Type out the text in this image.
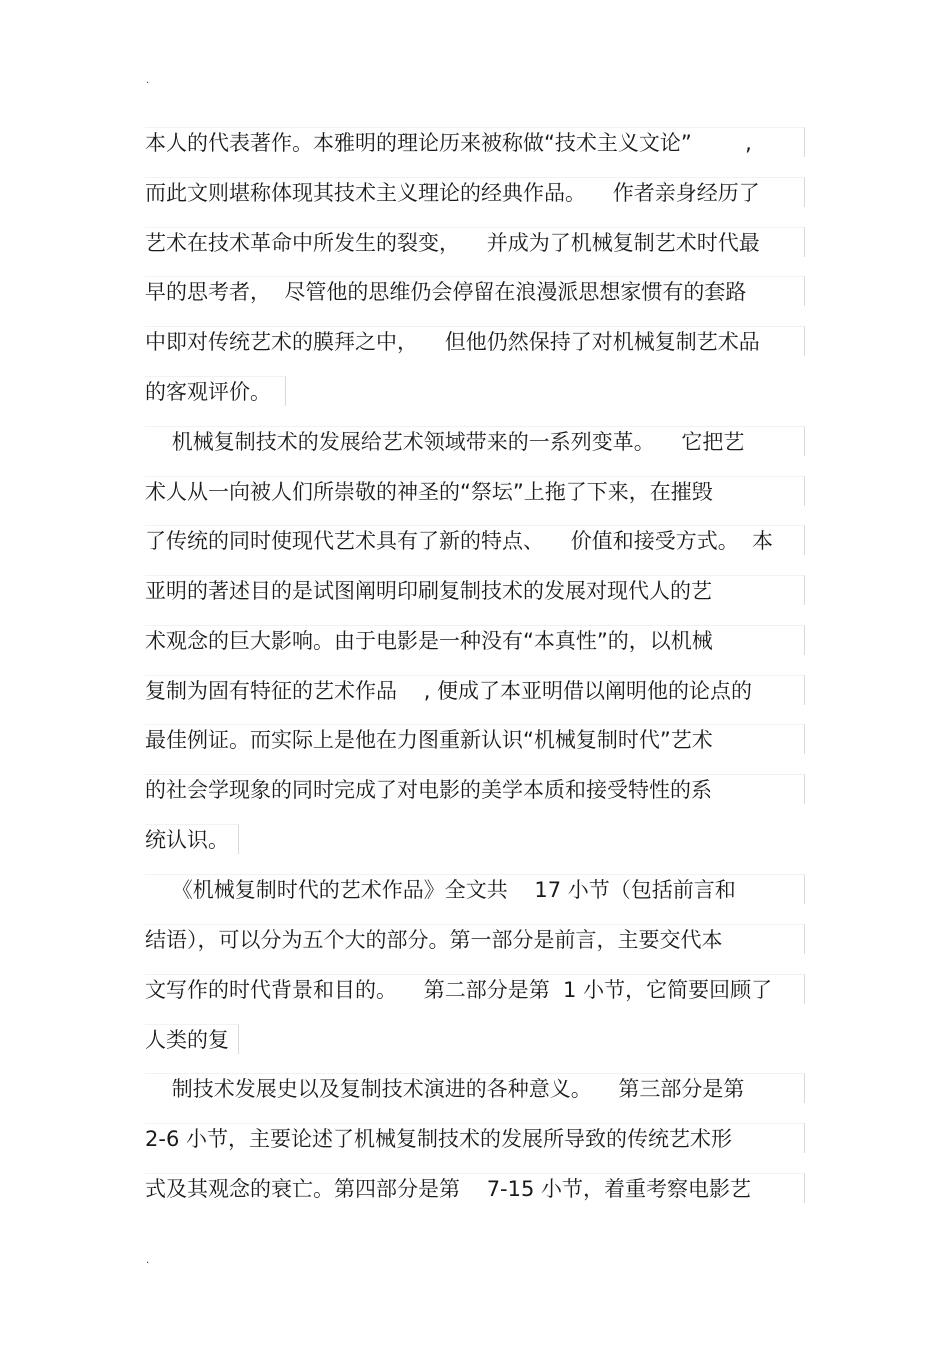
.
本人的代表著作。本雅明的理论历来被称做“技术主义文论”        ,
而此文则堪称体现其技术主义理论的经典作品。    作者亲身经历了
艺术在技术革命中所发生的裂变，    并成为了机械复制艺术时代最
早的思考者，  尽管他的思维仍会停留在浪漫派思想家惯有的套路
中即对传统艺术的膜拜之中，    但他仍然保持了对机械复制艺术品
的客观评价。
机械复制技术的发展给艺术领域带来的一系列变革。    它把艺
术人从一向被人们所崇敬的神圣的“祭坛”上拖了下来，在摧毁
了传统的同时使现代艺术具有了新的特点、    价值和接受方式。  本
亚明的著述目的是试图阐明印刷复制技术的发展对现代人的艺
术观念的巨大影响。由于电影是一种没有“本真性”的，以机械
复制为固有特征的艺术作品    , 便成了本亚明借以阐明他的论点的
最佳例证。而实际上是他在力图重新认识“机械复制时代”艺术
的社会学现象的同时完成了对电影的美学本质和接受特性的系
统认识。
《机械复制时代的艺术作品》全文共    17 小节（包括前言和
结语），可以分为五个大的部分。第一部分是前言，主要交代本
文写作的时代背景和目的。    第二部分是第  1 小节，它简要回顾了
人类的复
制技术发展史以及复制技术演进的各种意义。    第三部分是第
2-6 小节，主要论述了机械复制技术的发展所导致的传统艺术形
式及其观念的衰亡。第四部分是第    7-15 小节，着重考察电影艺
.
